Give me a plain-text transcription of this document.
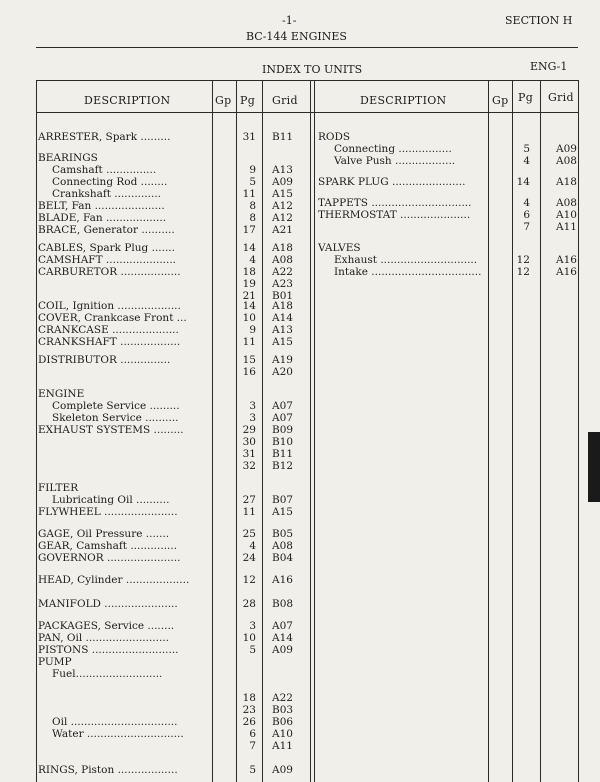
-1-	SECTION H
BC-144 ENGINES
INDEX TO UNITS	ENG-1
DESCRIPTION	Gp Pg Grid	DESCRIPTION	Gp Pg Grid
ARRESTER, Spark .........	31 B11
BEARINGS
Camshaft ...............	9 A13
Connecting Rod ........	5 A09
Crankshaft ..............	11 A15
BELT, Fan .....................	8 A12
BLADE, Fan ..................	8 A12
BRACE, Generator ..........	17 A21
CABLES, Spark Plug .......	14 A18
CAMSHAFT .....................	4 A08
CARBURETOR ..................	18 A22
19 A23
21 B01
COIL, Ignition ...................	14 A18
COVER, Crankcase Front ...	10 A14
CRANKCASE ....................	9 A13
CRANKSHAFT ..................	11 A15
DISTRIBUTOR ...............	15 A19
16 A20
ENGINE
Complete Service .........	3 A07
Skeleton Service ..........	3 A07
EXHAUST SYSTEMS .........	29 B09
30 B10
31 B11
32 B12
FILTER
Lubricating Oil ..........	27 B07
FLYWHEEL ......................	11 A15
GAGE, Oil Pressure .......	25 B05
GEAR, Camshaft ..............	4 A08
GOVERNOR ......................	24 B04
HEAD, Cylinder ...................	12 A16
MANIFOLD ......................	28 B08
PACKAGES, Service ........	3 A07
PAN, Oil .........................	10 A14
PISTONS ..........................	5 A09
PUMP
Fuel..........................
18 A22
23 B03
Oil ................................	26 B06
Water .............................	6 A10
7 A11
RINGS, Piston ..................	5 A09
RODS
Connecting ................	5 A09
Valve Push ..................	4 A08
SPARK PLUG ......................	14 A18
TAPPETS ..............................	4 A08
THERMOSTAT .....................	6 A10
7 A11
VALVES
Exhaust .............................	12 A16
Intake .................................	12 A16
